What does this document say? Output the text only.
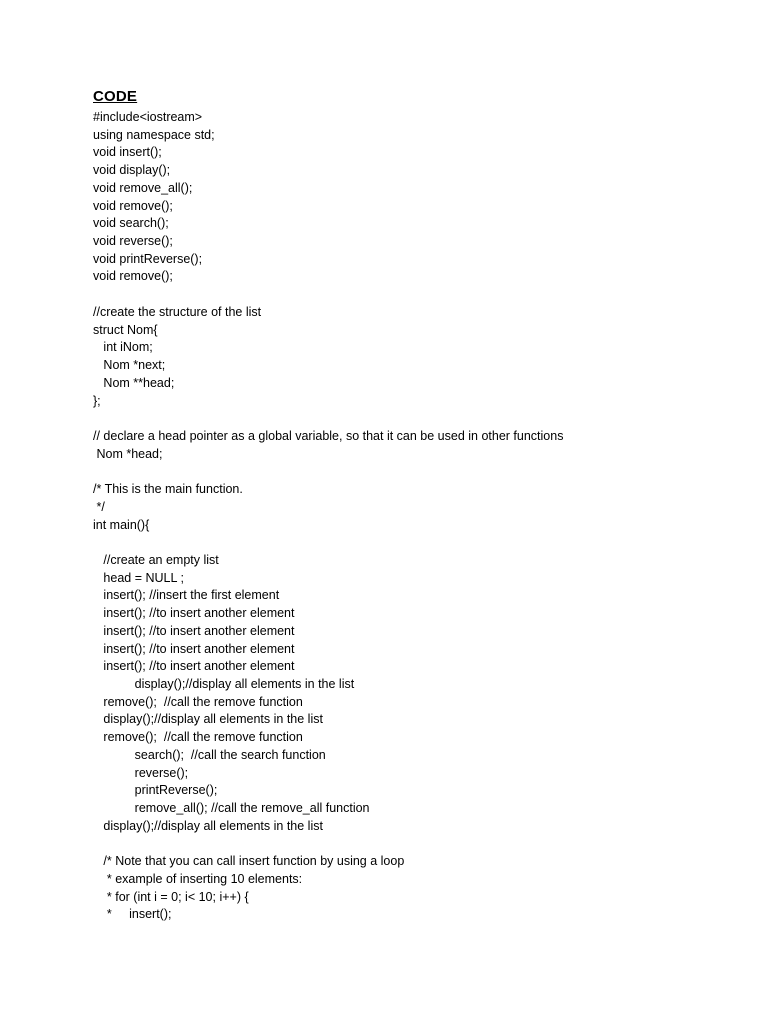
CODE
#include<iostream>
using namespace std;
void insert();
void display();
void remove_all();
void remove();
void search();
void reverse();
void printReverse();
void remove();
//create the structure of the list
struct Nom{
int iNom;
Nom *next;
Nom **head;
};
// declare a head pointer as a global variable, so that it can be used in other functions
Nom *head;
/* This is the main function.
*/
int main(){
//create an empty list
head = NULL ;
insert(); //insert the first element
insert(); //to insert another element
insert(); //to insert another element
insert(); //to insert another element
insert(); //to insert another element
display();//display all elements in the list
remove();  //call the remove function
display();//display all elements in the list
remove();  //call the remove function
search();  //call the search function
reverse();
printReverse();
remove_all(); //call the remove_all function
display();//display all elements in the list
/* Note that you can call insert function by using a loop
* example of inserting 10 elements:
* for (int i = 0; i< 10; i++) {
*     insert();
